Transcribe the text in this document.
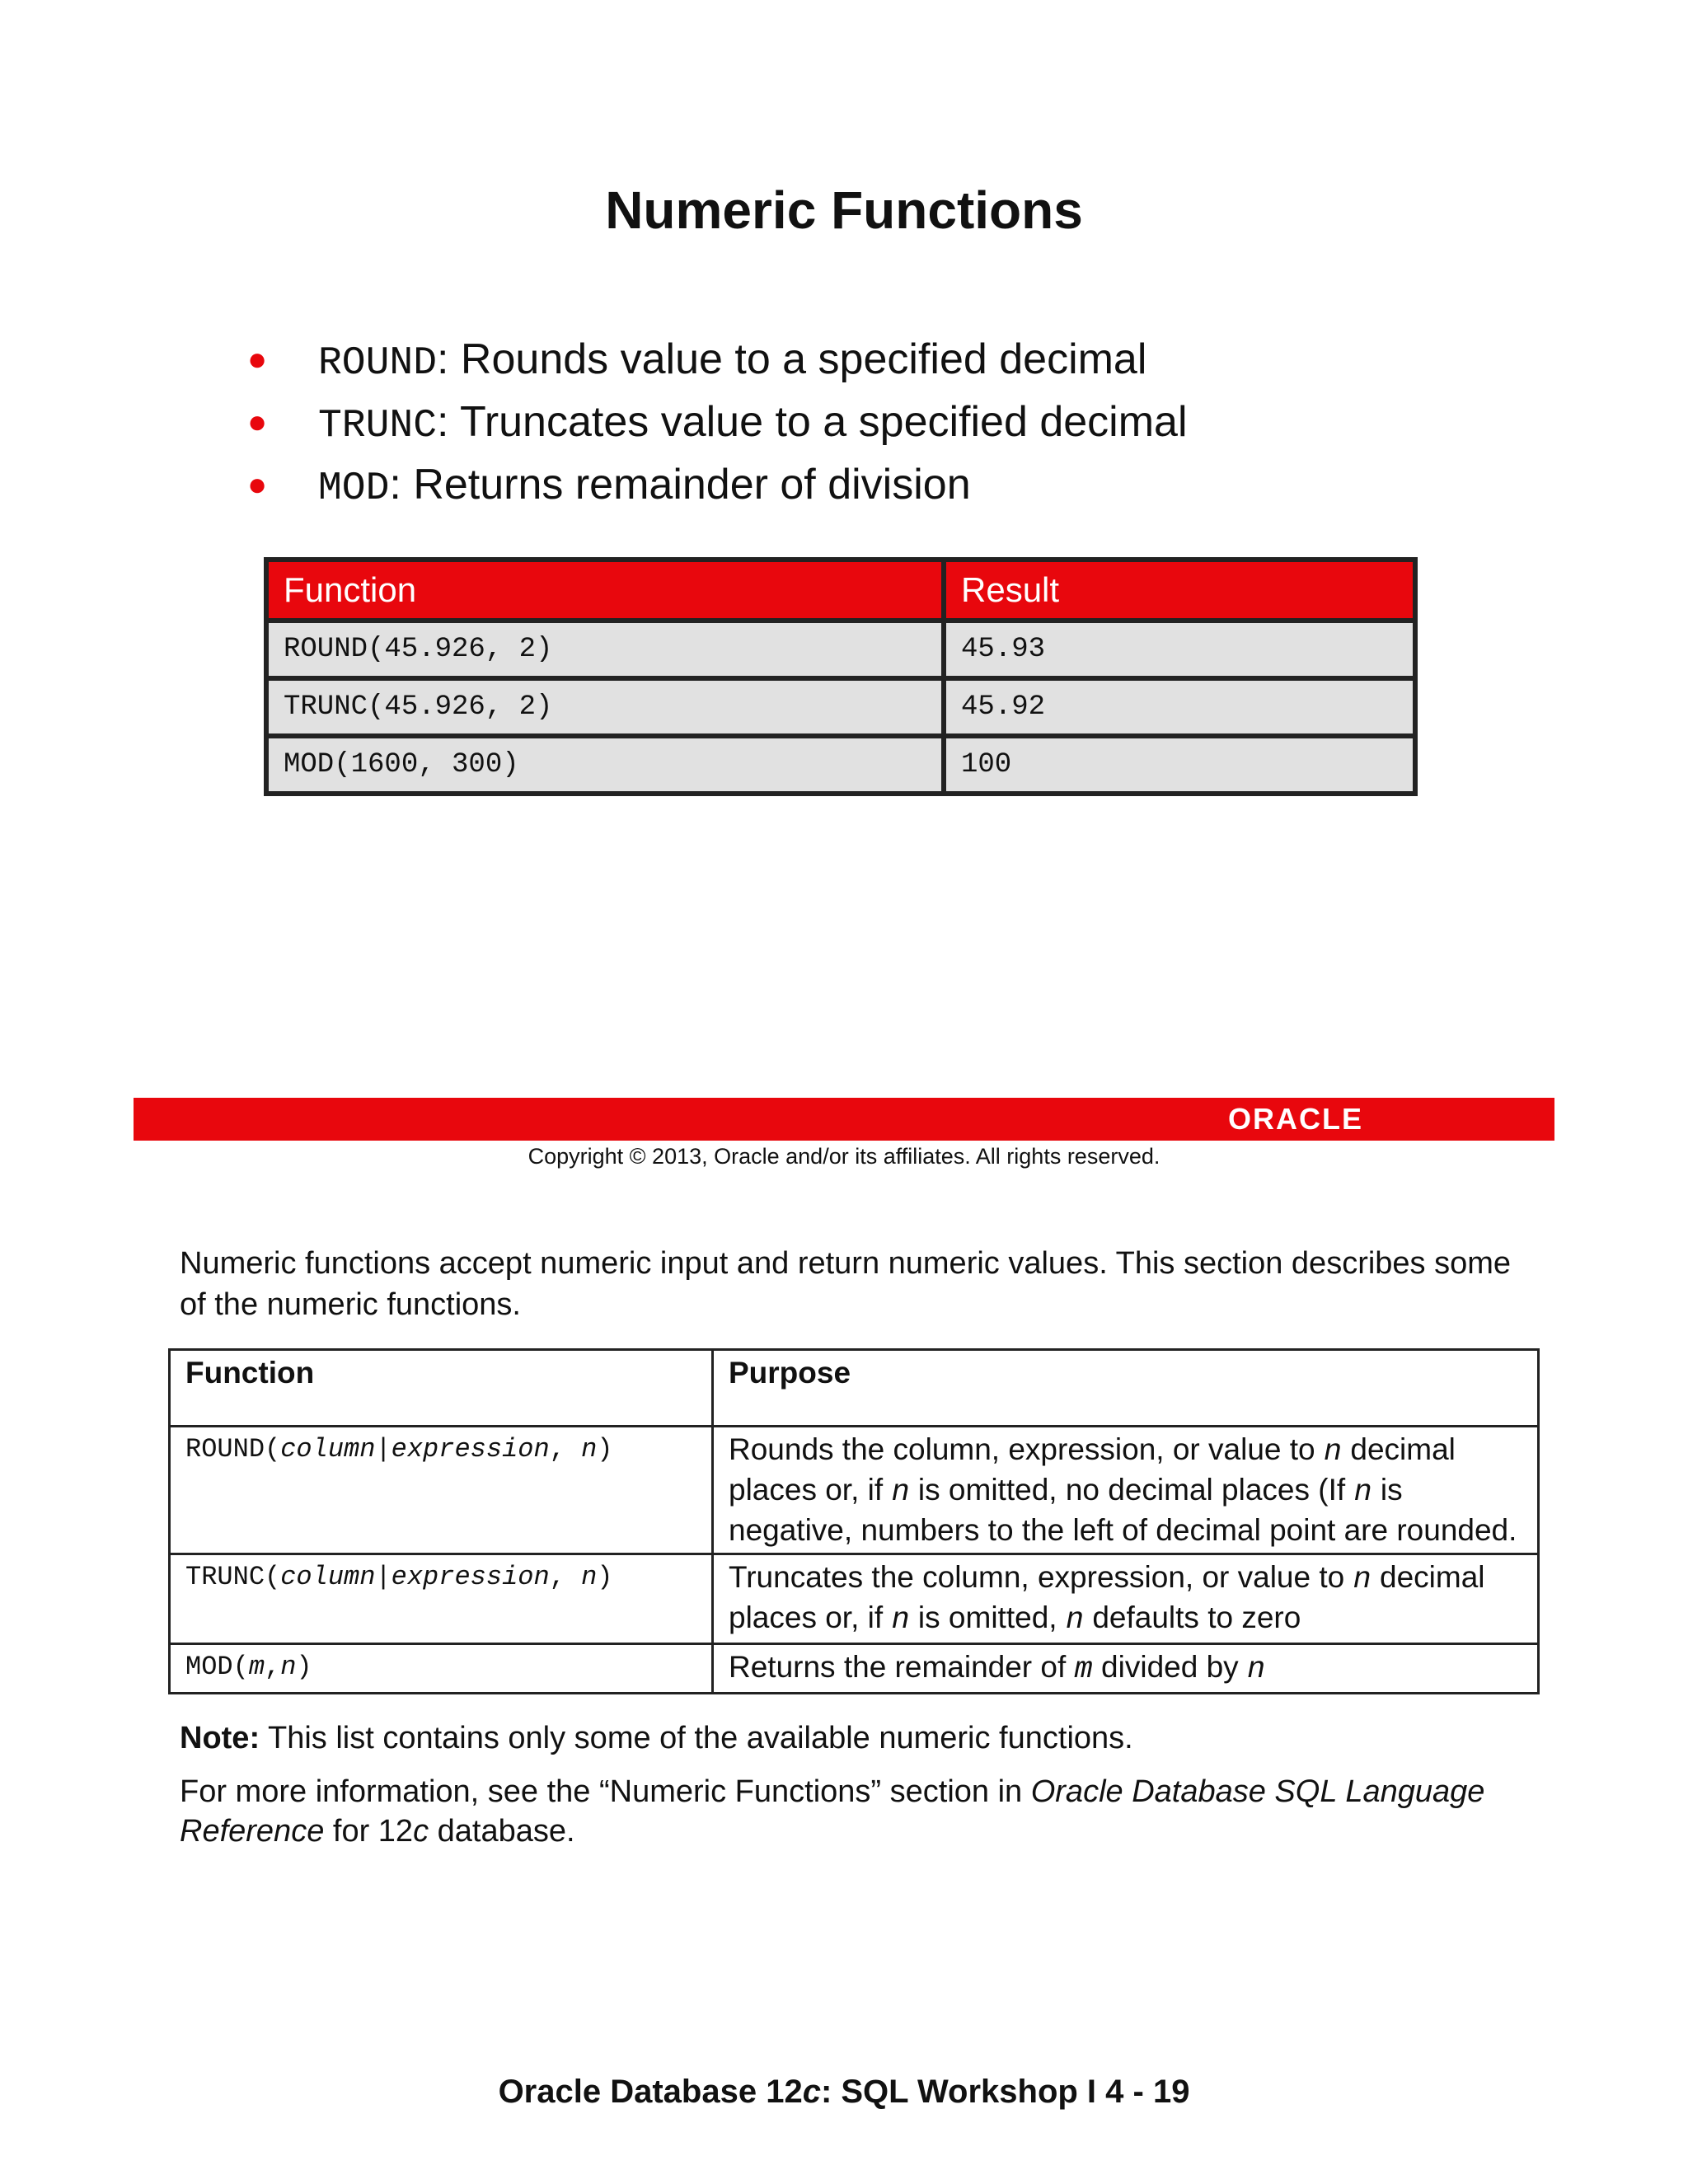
Numeric Functions
● ROUND: Rounds value to a specified decimal
● TRUNC: Truncates value to a specified decimal
● MOD: Returns remainder of division
Function	Result
ROUND(45.926, 2)	45.93
TRUNC(45.926, 2)	45.92
MOD(1600, 300)	100
ORACLE
Copyright © 2013, Oracle and/or its affiliates. All rights reserved.
Numeric functions accept numeric input and return numeric values. This section describes some of the numeric functions.
Function	Purpose
ROUND(column|expression, n)	Rounds the column, expression, or value to n decimal places or, if n is omitted, no decimal places (If n is negative, numbers to the left of decimal point are rounded.
TRUNC(column|expression, n)	Truncates the column, expression, or value to n decimal places or, if n is omitted, n defaults to zero
MOD(m,n)	Returns the remainder of m divided by n
Note: This list contains only some of the available numeric functions.
For more information, see the “Numeric Functions” section in Oracle Database SQL Language Reference for 12c database.
Oracle Database 12c: SQL Workshop I 4 - 19
